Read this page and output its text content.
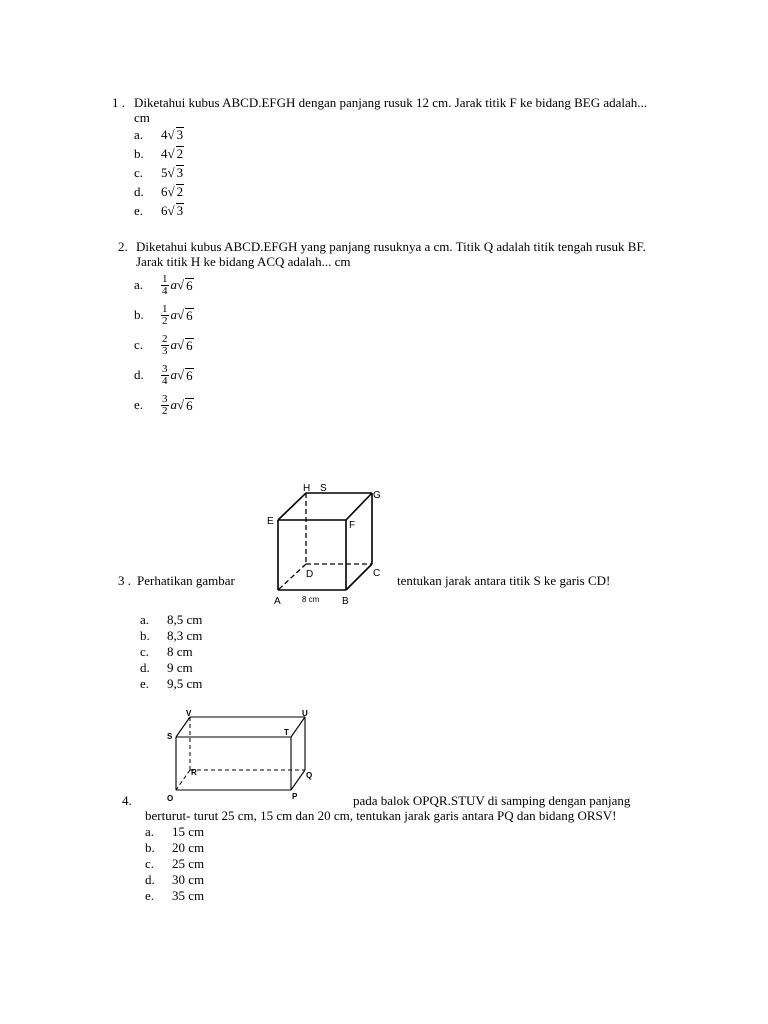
1 . Diketahui kubus ABCD.EFGH dengan panjang rusuk 12 cm. Jarak titik F ke bidang BEG adalah...
cm
a. 4√ 3
b. 4√ 2
c. 5√ 3
d. 6√ 2
e. 6√ 3
2. Diketahui kubus ABCD.EFGH yang panjang rusuknya a cm. Titik Q adalah titik tengah rusuk BF.
Jarak titik H ke bidang ACQ adalah... cm
a.	$\frac{1}{4}$ a √ 6
b.	$\frac{1}{2}$ a √ 6
c.	$\frac{2}{3}$ a √ 6
d.	$\frac{3}{4}$ a √ 6
e.	$\frac{3}{2}$ a √ 6
H S
G
E	F
D	C
A	B
8 cm
3 . Perhatikan gambar	tentukan jarak antara titik S ke garis CD!
a. 8,5 cm
b. 8,3 cm
c. 8 cm
d. 9 cm
e. 9,5 cm
V	U
S	T
R	Q
O	P
4.	pada balok OPQR.STUV di samping dengan panjang
berturut- turut 25 cm, 15 cm dan 20 cm, tentukan jarak garis antara PQ dan bidang ORSV!
a. 15 cm
b. 20 cm
c. 25 cm
d. 30 cm
e. 35 cm
